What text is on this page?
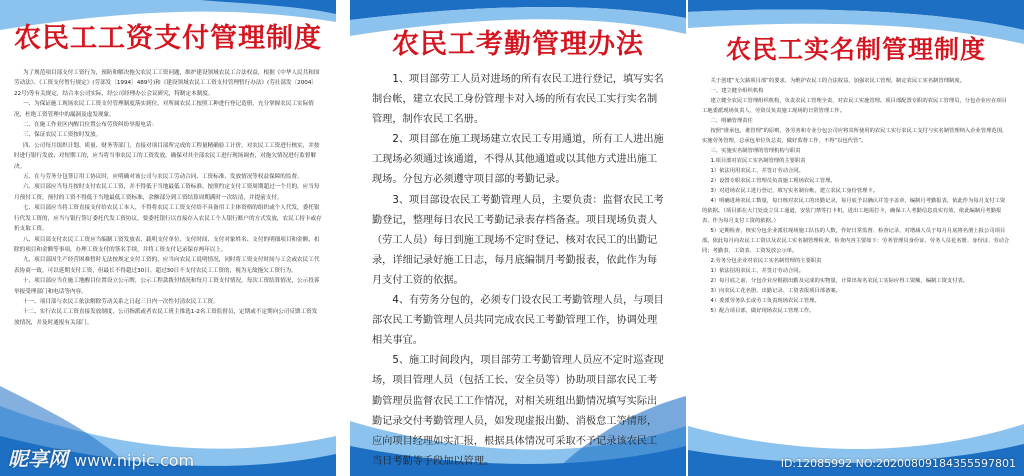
农民工工资支付管理制度

为了规范项目部支付工资行为，预防和解决拖欠农民工工资问题，维护建设领域农民工合法权益，根据《中华人民共和国劳动法》、《工资支付暂行规定》(劳部发〔1994〕489号)和《建设领域农民工工资支付管理暂行办法》(劳社部发〔2004〕22号)等有关规定，结合本公司实际，经公司经理办公会议研究，特制定本制度。

一、为保证施工现场农民工工资支付管理制度落实到位，对所属农民工按照工种进行登记造册，充分掌握农民工实际情况，杜绝工资管理中的漏洞及虚发现象。

二、在施工作业区内醒目位置公布劳资纠纷举报电话：

三、保证农民工工资按时发放。

四、公司每月组织计划、质量、财务等部门，直接对项目部所完成的工程量精确验工计价，对农民工工资进行核实，并按时进行银行发放；对短期工的，应当将当事农民工的工资发放，确保对其全部农民工进行现场调查，对拖欠情况进行监督解决。

五、在与劳务分包签订用工协议时，应明确对该公司与农民工劳动合同、工资标准、发放情况等权益保障的监督。

六、项目部应当每月按时支付农民工工资，并不得低于当地最低工资标准。按照约定支付工资周期超过一个月的，应当每月预付工资，预付的工资不得低于当地最低工资标准，余额部分到工资结算周期满时一次结清，并提前支付。

七、项目部应当将工资直接支付给农民工本人，不得将农民工工资支付给不具备用工主体资格的组织或个人代发，委托银行代发工资的，应当与银行签订委托代发工资协议，要委托银行以直接存入农民工个人银行账户的方式发放，农民工持卡或存折支取工资。

八、项目部支付农民工工资应当编制工资发放表，载明支付单位、支付时间、支付对象姓名、支付的明细项目和金额、扣除的项目和金额等事项，办理工资支付的签名手续，并将工资支付记录保存两年以上。

九、项目部因生产经营困难暂时无法按规定支付工资的，应当向农民工说明情况，同时将工资支付时间与工会或农民工代表协商一致，可以延期支付工资，但最长不得超过30日。超过30日不支付农民工工资的，视为无故拖欠工资行为。

十、项目部应当在施工地醒目位置设立公示牌，公示工程款拨付情况和每月工资支付情况，每次工资结算情况，公示投诉举报受理部门和电话等内容。

十一、项目部与农民工依法解除劳动关系之日起三日内一次性付清农民工工资。

十二、实行农民工工资直接发放制度，公司指派或者农民工班主推选1-2名工资监督员，定期或不定期向公司反馈工资发放情况，并及时通报有关部门。

农民工考勤管理办法

1、项目部劳工人员对进场的所有农民工进行登记，填写实名制台帐，建立农民工身份管理卡对入场的所有农民工实行实名制管理，制作农民工名册。

2、项目部在施工现场建立农民工专用通道，所有工人进出施工现场必须通过该通道，不得从其他通道或以其他方式进出施工现场。分包方必须遵守项目部的考勤记录。

3、项目部设农民工考勤管理人员，主要负责：监督农民工考勤登记，整理每日农民工考勤记录表存档备查。项目现场负责人（劳工人员）每日到施工现场不定时登记、核对农民工的出勤记录，详细记录好施工日志，每月底编制月考勤报表，依此作为每月支付工资的依据。

4、有劳务分包的，必须专门设农民工考勤管理人员，与项目部农民工考勤管理人员共同完成农民工考勤管理工作，协调处理相关事宜。

5、施工时间段内，项目部劳工考勤管理人员应不定时巡查现场，项目管理人员（包括工长、安全员等）协助项目部农民工考勤管理员监督农民工工作情况，对相关班组出勤情况填写实际出勤记录交付考勤管理人员，如发现虚报出勤、消极怠工等情形，应向项目经理如实汇报，根据具体情况可采取不予记录该农民工当日考勤等手段加以管理。

农民工实名制管理制度

关于创建“无欠薪项目部”的要求，为维护农民工的合法权益，加强农民工管理，制定农民工实名制管理制度。

一、建立健全组织机构

建立健全农民工管理组织机构，负责农民工管理全责，对农民工实施管理。项目部配置专职的农民工管理员，分包企业应在项目工地委派现场负责人、劳资员负责施工现场的日常管理工作。

二、明确管理责任

按照“谁承包，谁管理”的原则，各劳务和专业分包公司应将其所使用的农民工实行农民工支付与实名制管理纳入企业管理范围，实施劳务管理，总承包单位负总责，做好监督工作，不得“以包代管”。

三、实施实名制管理的管理机构与职责

1.项目部对农民工实名制管理的主要职责

1）依法用用农民工，并签订劳动合同。

2）设置专职农民工管理员负责施工现场农民工管理。

3）对进场农民工进行登记，填写实名制台帐，建立农民工身份管理卡。

4）明确进场农民工数量，每日核对农民工的出勤记录，每月底予以确认并签字盖章，编制月考勤报表，依此作为每月支付工资的依据。（项目部在大门处设立员工通道，安装门禁等打卡机，进出工地需打卡，确保工人考勤信息真实有效，依此编制月考勤报表，作为每月支付工资的依据。）

5）定期检查，核实分包企业派驻现场施工队伍的人数，作好日常监督、检查记录，对增减人员于每月月底将名册上报公司项目部。依此每月向农民工工资以及农民工实名制管理检查，检查内容主要如下：劳务管理员身份证、劳务人员花名册、身份证、劳动合同；考勤表、工资表、工资发放公示单。

2.劳务分包企业对农民工实名制管理的主要职责

1）依法招用农民工，并签订劳动合同。

2）每月底之前，分包企业应根据出勤及完成的实物量，计算出每名农民工实际应得工资额，编制工资支付表。

3）向农民工花名册、出勤记录、工资表报项目部备案。

4）委派劳务队长或劳工负责现场农民工管理。

5）配合项目部，做好现场农民工管理工作。

昵享网 www.nipic.com	ID:12085992 NO:20200809184355597801
